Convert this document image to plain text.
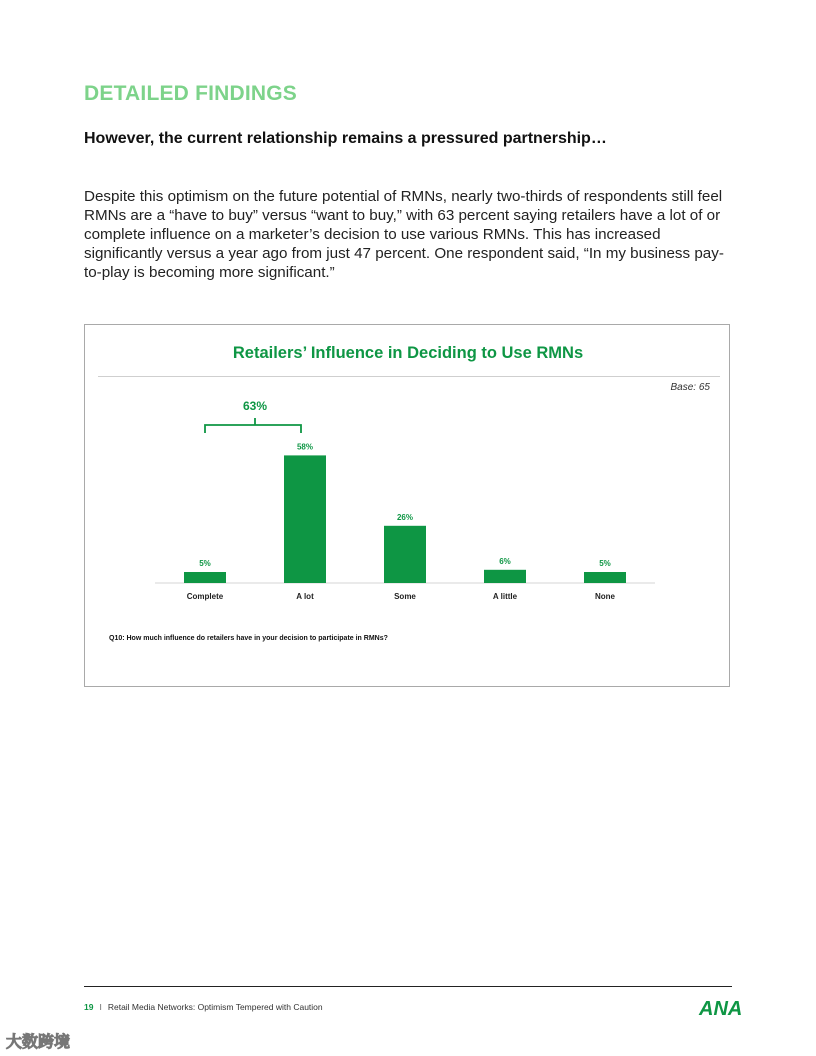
DETAILED FINDINGS
However, the current relationship remains a pressured partnership…

Despite this optimism on the future potential of RMNs, nearly two-thirds of respondents still feel RMNs are a “have to buy” versus “want to buy,” with 63 percent saying retailers have a lot of or complete influence on a marketer’s decision to use various RMNs. This has increased significantly versus a year ago from just 47 percent. One respondent said, “In my business pay-to-play is becoming more significant.”

Retailers’ Influence in Deciding to Use RMNs
Base: 65
5%
Complete
58%
A lot
26%
Some
6%
A little
5%
None
63%
Q10: How much influence do retailers have in your decision to participate in RMNs?
19 I Retail Media Networks: Optimism Tempered with Caution	ANA
大数跨境
